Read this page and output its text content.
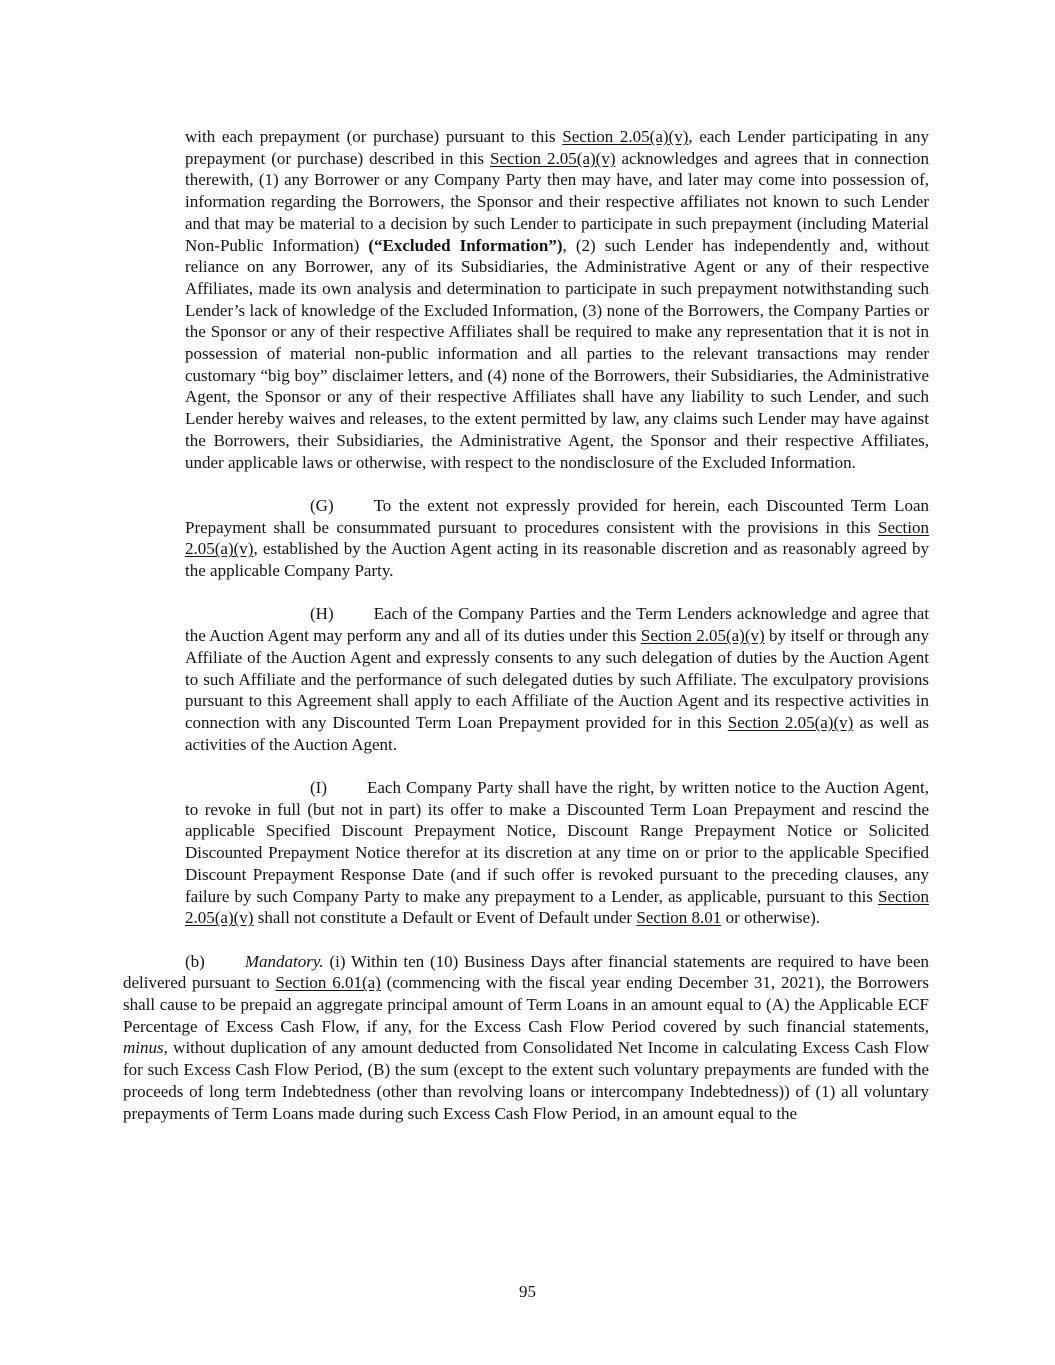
with each prepayment (or purchase) pursuant to this Section 2.05(a)(v), each Lender participating in any prepayment (or purchase) described in this Section 2.05(a)(v) acknowledges and agrees that in connection therewith, (1) any Borrower or any Company Party then may have, and later may come into possession of, information regarding the Borrowers, the Sponsor and their respective affiliates not known to such Lender and that may be material to a decision by such Lender to participate in such prepayment (including Material Non-Public Information) (“Excluded Information”), (2) such Lender has independently and, without reliance on any Borrower, any of its Subsidiaries, the Administrative Agent or any of their respective Affiliates, made its own analysis and determination to participate in such prepayment notwithstanding such Lender’s lack of knowledge of the Excluded Information, (3) none of the Borrowers, the Company Parties or the Sponsor or any of their respective Affiliates shall be required to make any representation that it is not in possession of material non-public information and all parties to the relevant transactions may render customary “big boy” disclaimer letters, and (4) none of the Borrowers, their Subsidiaries, the Administrative Agent, the Sponsor or any of their respective Affiliates shall have any liability to such Lender, and such Lender hereby waives and releases, to the extent permitted by law, any claims such Lender may have against the Borrowers, their Subsidiaries, the Administrative Agent, the Sponsor and their respective Affiliates, under applicable laws or otherwise, with respect to the nondisclosure of the Excluded Information.

(G) To the extent not expressly provided for herein, each Discounted Term Loan Prepayment shall be consummated pursuant to procedures consistent with the provisions in this Section 2.05(a)(v), established by the Auction Agent acting in its reasonable discretion and as reasonably agreed by the applicable Company Party.

(H) Each of the Company Parties and the Term Lenders acknowledge and agree that the Auction Agent may perform any and all of its duties under this Section 2.05(a)(v) by itself or through any Affiliate of the Auction Agent and expressly consents to any such delegation of duties by the Auction Agent to such Affiliate and the performance of such delegated duties by such Affiliate. The exculpatory provisions pursuant to this Agreement shall apply to each Affiliate of the Auction Agent and its respective activities in connection with any Discounted Term Loan Prepayment provided for in this Section 2.05(a)(v) as well as activities of the Auction Agent.

(I) Each Company Party shall have the right, by written notice to the Auction Agent, to revoke in full (but not in part) its offer to make a Discounted Term Loan Prepayment and rescind the applicable Specified Discount Prepayment Notice, Discount Range Prepayment Notice or Solicited Discounted Prepayment Notice therefor at its discretion at any time on or prior to the applicable Specified Discount Prepayment Response Date (and if such offer is revoked pursuant to the preceding clauses, any failure by such Company Party to make any prepayment to a Lender, as applicable, pursuant to this Section 2.05(a)(v) shall not constitute a Default or Event of Default under Section 8.01 or otherwise).

(b) Mandatory. (i) Within ten (10) Business Days after financial statements are required to have been delivered pursuant to Section 6.01(a) (commencing with the fiscal year ending December 31, 2021), the Borrowers shall cause to be prepaid an aggregate principal amount of Term Loans in an amount equal to (A) the Applicable ECF Percentage of Excess Cash Flow, if any, for the Excess Cash Flow Period covered by such financial statements, minus, without duplication of any amount deducted from Consolidated Net Income in calculating Excess Cash Flow for such Excess Cash Flow Period, (B) the sum (except to the extent such voluntary prepayments are funded with the proceeds of long term Indebtedness (other than revolving loans or intercompany Indebtedness)) of (1) all voluntary prepayments of Term Loans made during such Excess Cash Flow Period, in an amount equal to the

95
